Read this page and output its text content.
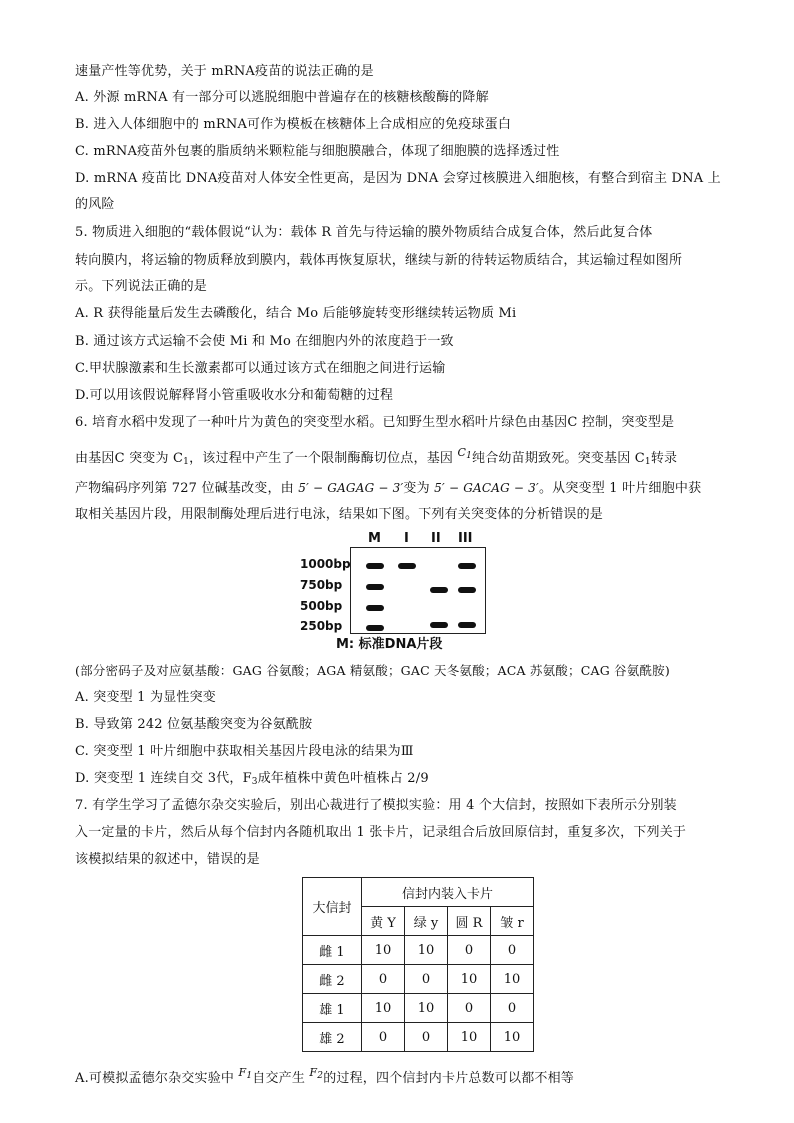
速量产性等优势，关于 mRNA疫苗的说法正确的是
A. 外源 mRNA 有一部分可以逃脱细胞中普遍存在的核糖核酸酶的降解
B. 进入人体细胞中的 mRNA可作为模板在核糖体上合成相应的免疫球蛋白
C. mRNA疫苗外包裹的脂质纳米颗粒能与细胞膜融合，体现了细胞膜的选择透过性
D. mRNA 疫苗比 DNA疫苗对人体安全性更高，是因为 DNA 会穿过核膜进入细胞核，有整合到宿主 DNA 上
的风险
5. 物质进入细胞的“载体假说“认为：载体 R 首先与待运输的膜外物质结合成复合体，然后此复合体
转向膜内，将运输的物质释放到膜内，载体再恢复原状，继续与新的待转运物质结合，其运输过程如图所
示。下列说法正确的是
A. R 获得能量后发生去磷酸化，结合 Mo 后能够旋转变形继续转运物质 Mi
B. 通过该方式运输不会使 Mi 和 Mo 在细胞内外的浓度趋于一致
C.甲状腺激素和生长激素都可以通过该方式在细胞之间进行运输
D.可以用该假说解释肾小管重吸收水分和葡萄糖的过程
6. 培育水稻中发现了一种叶片为黄色的突变型水稻。已知野生型水稻叶片绿色由基因C 控制，突变型是
由基因C 突变为 C1，该过程中产生了一个限制酶酶切位点，基因 $^{C1}$纯合幼苗期致死。突变基因 C1转录
产物编码序列第 727 位碱基改变，由 5′ − GAGAG − 3′变为 5′ − GACAG − 3′。从突变型 1 叶片细胞中获
取相关基因片段，用限制酶处理后进行电泳，结果如下图。下列有关突变体的分析错误的是
M I II III
1000bp
750bp
500bp
250bp
M: 标准DNA片段
(部分密码子及对应氨基酸：GAG 谷氨酸；AGA 精氨酸；GAC 天冬氨酸；ACA 苏氨酸；CAG 谷氨酰胺)
A. 突变型 1 为显性突变
B. 导致第 242 位氨基酸突变为谷氨酰胺
C. 突变型 1 叶片细胞中获取相关基因片段电泳的结果为Ⅲ
D. 突变型 1 连续自交 3代，F3成年植株中黄色叶植株占 2/9
7. 有学生学习了孟德尔杂交实验后，别出心裁进行了模拟实验：用 4 个大信封，按照如下表所示分别装
入一定量的卡片，然后从每个信封内各随机取出 1 张卡片，记录组合后放回原信封，重复多次，下列关于
该模拟结果的叙述中，错误的是
大信封	信封内装入卡片			
	黄 Y	绿 y	圆 R	皱 r
雌 1	10	10	0	0
雌 2	0	0	10	10
雄 1	10	10	0	0
雄 2	0	0	10	10
A.可模拟孟德尔杂交实验中 $^{F1}$自交产生 $^{F2}$的过程，四个信封内卡片总数可以都不相等
